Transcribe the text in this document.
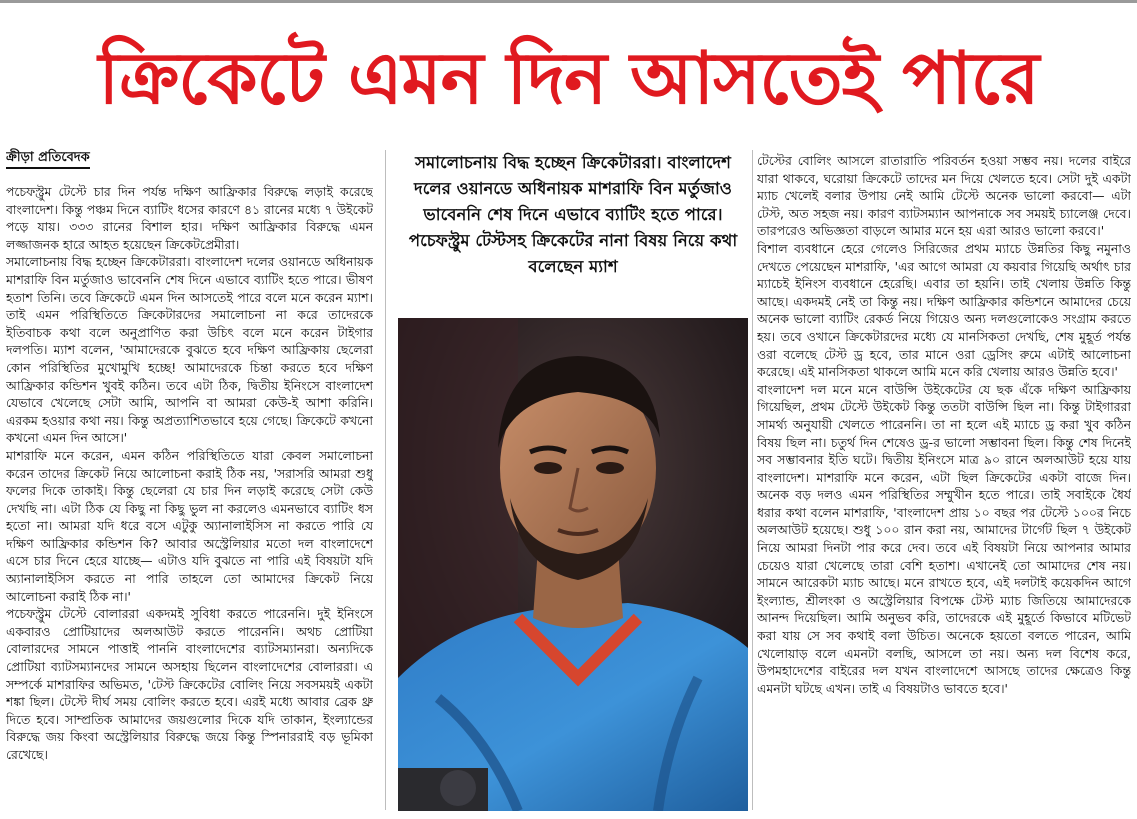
ক্রিকেটে এমন দিন আসতেই পারে
ক্রীড়া প্রতিবেদক

পচেফস্ট্রুম টেস্টে চার দিন পর্যন্ত দক্ষিণ আফ্রিকার বিরুদ্ধে লড়াই করেছে বাংলাদেশ। কিন্তু পঞ্চম দিনে ব্যাটিং ধসের কারণে ৪১ রানের মধ্যে ৭ উইকেট পড়ে যায়। ৩৩৩ রানের বিশাল হার। দক্ষিণ আফ্রিকার বিরুদ্ধে এমন লজ্জাজনক হারে আহত হয়েছেন ক্রিকেটপ্রেমীরা।

সমালোচনায় বিদ্ধ হচ্ছেন ক্রিকেটাররা। বাংলাদেশ দলের ওয়ানডে অধিনায়ক মাশরাফি বিন মর্তুজাও ভাবেননি শেষ দিনে এভাবে ব্যাটিং হতে পারে। ভীষণ হতাশ তিনি। তবে ক্রিকেটে এমন দিন আসতেই পারে বলে মনে করেন ম্যাশ। তাই এমন পরিস্থিতিতে ক্রিকেটারদের সমালোচনা না করে তাদেরকে ইতিবাচক কথা বলে অনুপ্রাণিত করা উচিৎ বলে মনে করেন টাইগার দলপতি। ম্যাশ বলেন, 'আমাদেরকে বুঝতে হবে দক্ষিণ আফ্রিকায় ছেলেরা কোন পরিস্থিতির মুখোমুখি হচ্ছে! আমাদেরকে চিন্তা করতে হবে দক্ষিণ আফ্রিকার কন্ডিশন খুবই কঠিন। তবে এটা ঠিক, দ্বিতীয় ইনিংসে বাংলাদেশ যেভাবে খেলেছে সেটা আমি, আপনি বা আমরা কেউ-ই আশা করিনি। এরকম হওয়ার কথা নয়। কিন্তু অপ্রত্যাশিতভাবে হয়ে গেছে। ক্রিকেটে কখনো কখনো এমন দিন আসে।'

মাশরাফি মনে করেন, এমন কঠিন পরিস্থিতিতে যারা কেবল সমালোচনা করেন তাদের ক্রিকেট নিয়ে আলোচনা করাই ঠিক নয়, 'সরাসরি আমরা শুধু ফলের দিকে তাকাই। কিন্তু ছেলেরা যে চার দিন লড়াই করেছে সেটা কেউ দেখছি না। এটা ঠিক যে কিছু না কিছু ভুল না করলেও এমনভাবে ব্যাটিং ধস হতো না। আমরা যদি ধরে বসে এটুকু অ্যানালাইসিস না করতে পারি যে দক্ষিণ আফ্রিকার কন্ডিশন কি? আবার অস্ট্রেলিয়ার মতো দল বাংলাদেশে এসে চার দিনে হেরে যাচ্ছে— এটাও যদি বুঝতে না পারি এই বিষয়টা যদি অ্যানালাইসিস করতে না পারি তাহলে তো আমাদের ক্রিকেট নিয়ে আলোচনা করাই ঠিক না।'

পচেফস্ট্রুম টেস্টে বোলাররা একদমই সুবিধা করতে পারেননি। দুই ইনিংসে একবারও প্রোটিয়াদের অলআউট করতে পারেননি। অথচ প্রোটিয়া বোলারদের সামনে পাত্তাই পাননি বাংলাদেশের ব্যাটসম্যানরা। অন্যদিকে প্রোটিয়া ব্যাটসম্যানদের সামনে অসহায় ছিলেন বাংলাদেশের বোলাররা। এ সম্পর্কে মাশরাফির অভিমত, 'টেস্ট ক্রিকেটের বোলিং নিয়ে সবসময়ই একটা শঙ্কা ছিল। টেস্টে দীর্ঘ সময় বোলিং করতে হবে। এরই মধ্যে আবার ব্রেক থ্রু দিতে হবে। সাম্প্রতিক আমাদের জয়গুলোর দিকে যদি তাকান, ইংল্যান্ডের বিরুদ্ধে জয় কিংবা অস্ট্রেলিয়ার বিরুদ্ধে জয়ে কিন্তু স্পিনাররাই বড় ভূমিকা রেখেছে।

সমালোচনায় বিদ্ধ হচ্ছেন ক্রিকেটাররা। বাংলাদেশ দলের ওয়ানডে অধিনায়ক মাশরাফি বিন মর্তুজাও ভাবেননি শেষ দিনে এভাবে ব্যাটিং হতে পারে। পচেফস্ট্রুম টেস্টসহ ক্রিকেটের নানা বিষয় নিয়ে কথা বলেছেন ম্যাশ

টেস্টের বোলিং আসলে রাতারাতি পরিবর্তন হওয়া সম্ভব নয়। দলের বাইরে যারা থাকবে, ঘরোয়া ক্রিকেটে তাদের মন দিয়ে খেলতে হবে। সেটা দুই একটা ম্যাচ খেলেই বলার উপায় নেই আমি টেস্টে অনেক ভালো করবো— এটা টেস্ট, অত সহজ নয়। কারণ ব্যাটসম্যান আপনাকে সব সময়ই চ্যালেঞ্জ দেবে। তারপরেও অভিজ্ঞতা বাড়লে আমার মনে হয় এরা আরও ভালো করবে।'

বিশাল ব্যবধানে হেরে গেলেও সিরিজের প্রথম ম্যাচে উন্নতির কিছু নমুনাও দেখতে পেয়েছেন মাশরাফি, 'এর আগে আমরা যে কয়বার গিয়েছি অর্থাৎ চার ম্যাচেই ইনিংস ব্যবধানে হেরেছি। এবার তা হয়নি। তাই খেলায় উন্নতি কিন্তু আছে। একদমই নেই তা কিন্তু নয়। দক্ষিণ আফ্রিকার কন্ডিশনে আমাদের চেয়ে অনেক ভালো ব্যাটিং রেকর্ড নিয়ে গিয়েও অন্য দলগুলোকেও সংগ্রাম করতে হয়। তবে ওখানে ক্রিকেটারদের মধ্যে যে মানসিকতা দেখছি, শেষ মুহূর্ত পর্যন্ত ওরা বলেছে টেস্ট ড্র হবে, তার মানে ওরা ড্রেসিং রুমে এটাই আলোচনা করেছে। এই মানসিকতা থাকলে আমি মনে করি খেলায় আরও উন্নতি হবে।'

বাংলাদেশ দল মনে মনে বাউন্সি উইকেটের যে ছক এঁকে দক্ষিণ আফ্রিকায় গিয়েছিল, প্রথম টেস্টে উইকেট কিন্তু ততটা বাউন্সি ছিল না। কিন্তু টাইগাররা সামর্থ্য অনুযায়ী খেলতে পারেননি। তা না হলে এই ম্যাচে ড্র করা খুব কঠিন বিষয় ছিল না। চতুর্থ দিন শেষেও ড্র-র ভালো সম্ভাবনা ছিল। কিন্তু শেষ দিনেই সব সম্ভাবনার ইতি ঘটে। দ্বিতীয় ইনিংসে মাত্র ৯০ রানে অলআউট হয়ে যায় বাংলাদেশ। মাশরাফি মনে করেন, এটা ছিল ক্রিকেটের একটা বাজে দিন। অনেক বড় দলও এমন পরিস্থিতির সম্মুখীন হতে পারে। তাই সবাইকে ধৈর্য ধরার কথা বলেন মাশরাফি, 'বাংলাদেশ প্রায় ১০ বছর পর টেস্টে ১০০র নিচে অলআউট হয়েছে। শুধু ১০০ রান করা নয়, আমাদের টার্গেট ছিল ৭ উইকেট নিয়ে আমরা দিনটা পার করে দেব। তবে এই বিষয়টা নিয়ে আপনার আমার চেয়েও যারা খেলেছে তারা বেশি হতাশ। এখানেই তো আমাদের শেষ নয়। সামনে আরেকটা ম্যাচ আছে। মনে রাখতে হবে, এই দলটাই কয়েকদিন আগে ইংল্যান্ড, শ্রীলংকা ও অস্ট্রেলিয়ার বিপক্ষে টেস্ট ম্যাচ জিতিয়ে আমাদেরকে আনন্দ দিয়েছিল। আমি অনুভব করি, তাদেরকে এই মুহূর্তে কিভাবে মটিভেট করা যায় সে সব কথাই বলা উচিত। অনেকে হয়তো বলতে পারেন, আমি খেলোয়াড় বলে এমনটা বলছি, আসলে তা নয়। অন্য দল বিশেষ করে, উপমহাদেশের বাইরের দল যখন বাংলাদেশে আসছে তাদের ক্ষেত্রেও কিন্তু এমনটা ঘটছে এখন। তাই এ বিষয়টাও ভাবতে হবে।'
